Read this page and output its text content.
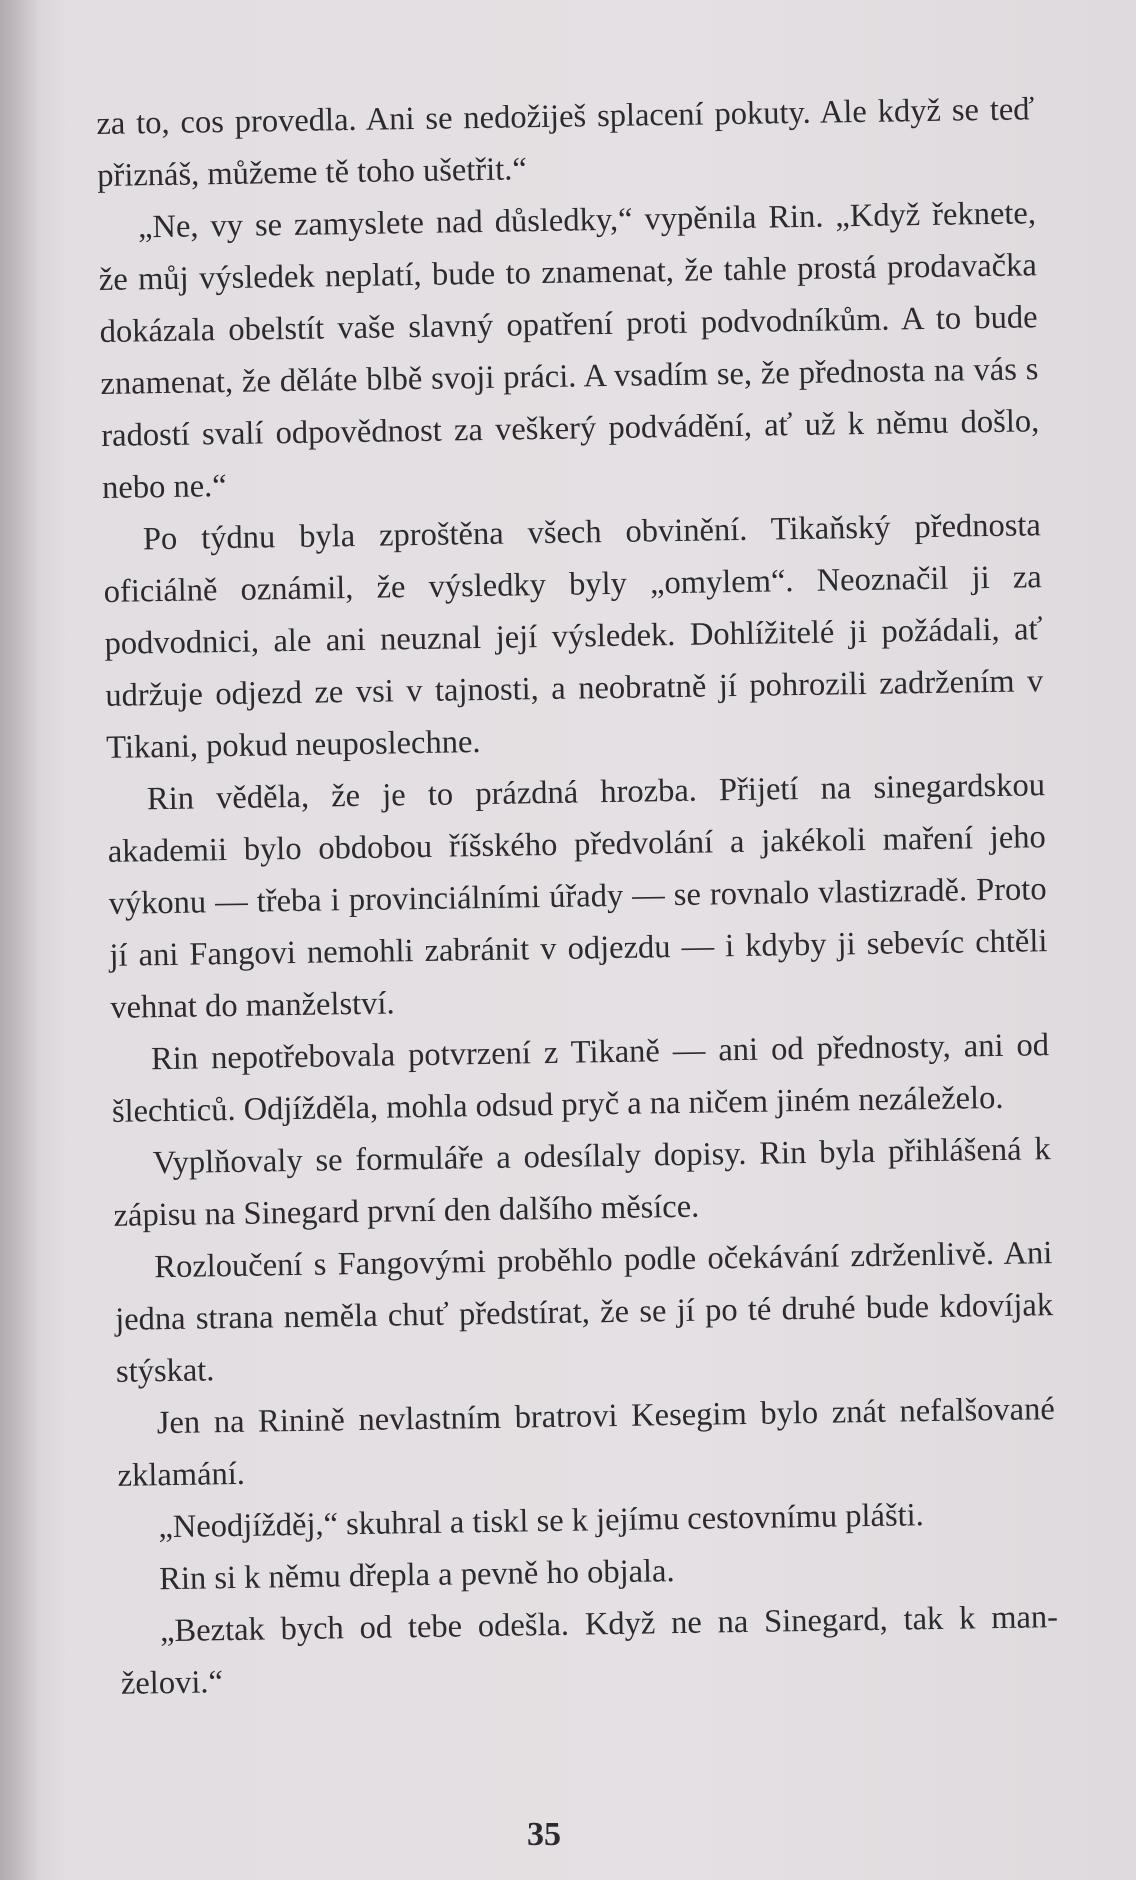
za to, cos provedla. Ani se nedožiješ splacení pokuty. Ale když se teď přiznáš, můžeme tě toho ušetřit.“

„Ne, vy se zamyslete nad důsledky,“ vypěnila Rin. „Když řeknete, že můj výsledek neplatí, bude to znamenat, že tahle prostá prodavačka dokázala obelstít vaše slavný opatření proti podvodníkům. A to bude znamenat, že děláte blbě svoji práci. A vsadím se, že přednosta na vás s radostí svalí odpovědnost za veškerý podvádění, ať už k němu došlo, nebo ne.“

Po týdnu byla zproštěna všech obvinění. Tikaňský přednosta oficiálně oznámil, že výsledky byly „omylem“. Neoznačil ji za podvodnici, ale ani neuznal její výsledek. Dohlížitelé ji požádali, ať udržuje odjezd ze vsi v tajnosti, a neobratně jí pohrozili zadržením v Tikani, pokud neuposlechne.

Rin věděla, že je to prázdná hrozba. Přijetí na sinegardskou akademii bylo obdobou říšského předvolání a jakékoli maření jeho výkonu — třeba i provinciálními úřady — se rovnalo vlastizradě. Proto jí ani Fangovi nemohli zabránit v odjezdu — i kdyby ji sebevíc chtěli vehnat do manželství.

Rin nepotřebovala potvrzení z Tikaně — ani od přednosty, ani od šlechticů. Odjížděla, mohla odsud pryč a na ničem jiném nezáleželo.

Vyplňovaly se formuláře a odesílaly dopisy. Rin byla přihlášená k zápisu na Sinegard první den dalšího měsíce.

Rozloučení s Fangovými proběhlo podle očekávání zdrženlivě. Ani jedna strana neměla chuť předstírat, že se jí po té druhé bude kdovíjak stýskat.

Jen na Rinině nevlastním bratrovi Kesegim bylo znát nefalšované zklamání.

„Neodjížděj,“ skuhral a tiskl se k jejímu cestovnímu plášti.

Rin si k němu dřepla a pevně ho objala.

„Beztak bych od tebe odešla. Když ne na Sinegard, tak k manželovi.“

35
